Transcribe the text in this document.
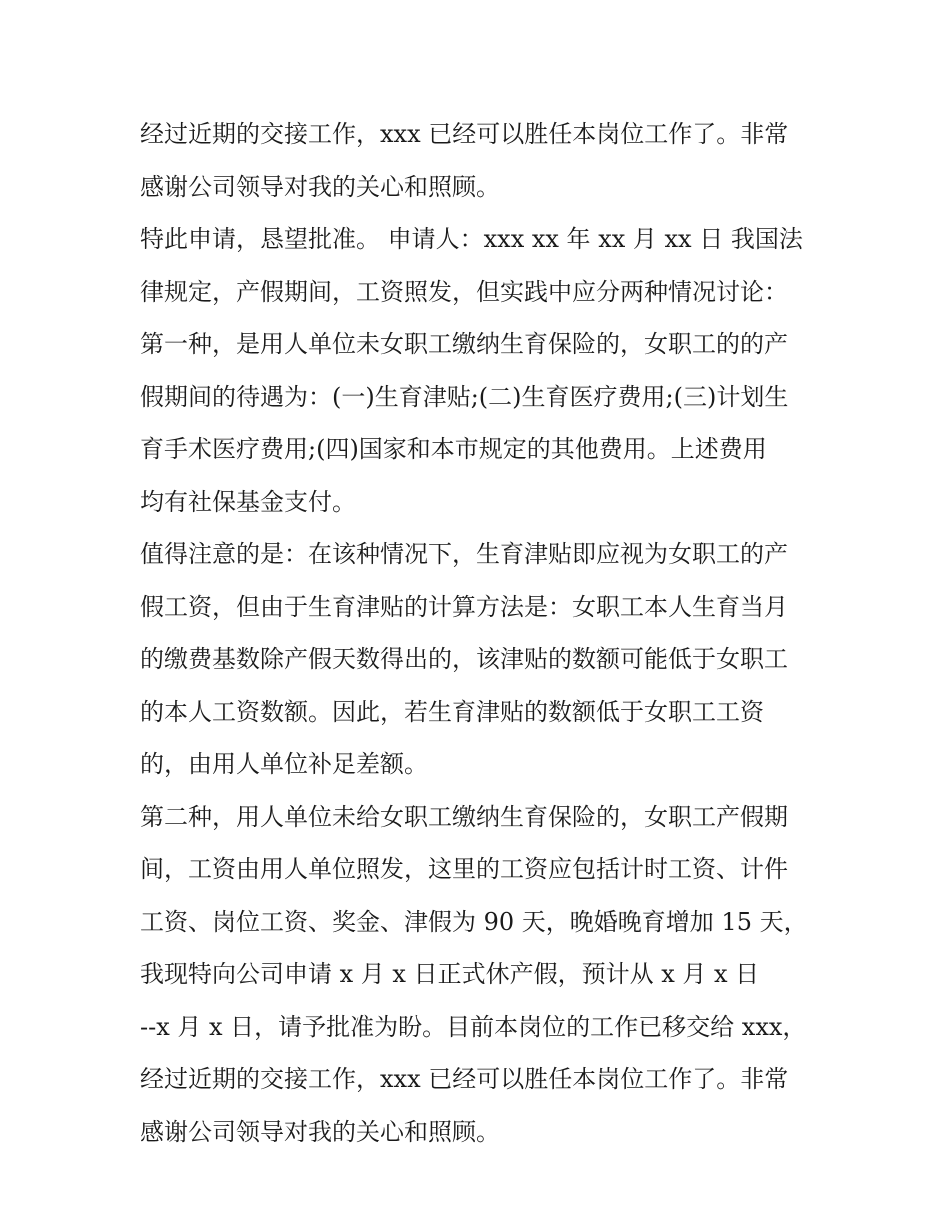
经过近期的交接工作，xxx 已经可以胜任本岗位工作了。非常
感谢公司领导对我的关心和照顾。
特此申请，恳望批准。 申请人：xxx xx 年 xx 月 xx 日 我国法
律规定，产假期间，工资照发，但实践中应分两种情况讨论：
第一种，是用人单位未女职工缴纳生育保险的，女职工的的产
假期间的待遇为：(一)生育津贴;(二)生育医疗费用;(三)计划生
育手术医疗费用;(四)国家和本市规定的其他费用。上述费用
均有社保基金支付。
值得注意的是：在该种情况下，生育津贴即应视为女职工的产
假工资，但由于生育津贴的计算方法是：女职工本人生育当月
的缴费基数除产假天数得出的，该津贴的数额可能低于女职工
的本人工资数额。因此，若生育津贴的数额低于女职工工资
的，由用人单位补足差额。
第二种，用人单位未给女职工缴纳生育保险的，女职工产假期
间，工资由用人单位照发，这里的工资应包括计时工资、计件
工资、岗位工资、奖金、津假为 90 天，晚婚晚育增加 15 天，
我现特向公司申请 x 月 x 日正式休产假，预计从 x 月 x 日
--x 月 x 日，请予批准为盼。目前本岗位的工作已移交给 xxx，
经过近期的交接工作，xxx 已经可以胜任本岗位工作了。非常
感谢公司领导对我的关心和照顾。
